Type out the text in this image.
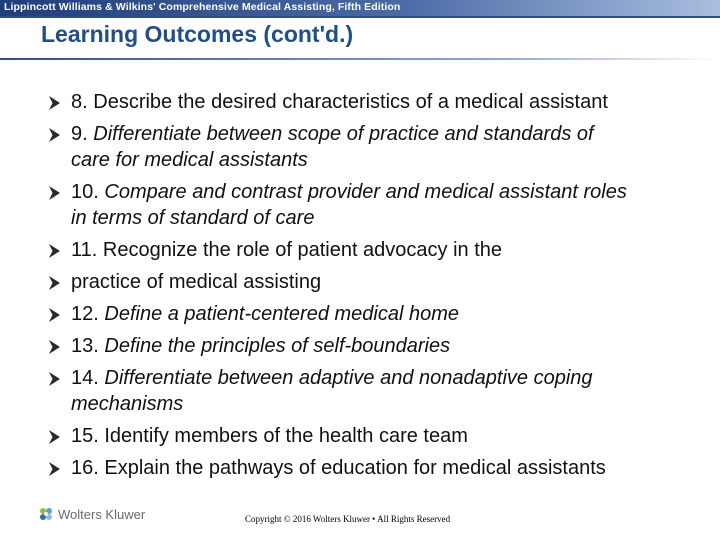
Lippincott Williams & Wilkins' Comprehensive Medical Assisting, Fifth Edition
Learning Outcomes (cont'd.)
8. Describe the desired characteristics of a medical assistant
9. Differentiate between scope of practice and standards of
care for medical assistants
10. Compare and contrast provider and medical assistant roles
in terms of standard of care
11. Recognize the role of patient advocacy in the
practice of medical assisting
12. Define a patient-centered medical home
13. Define the principles of self-boundaries
14. Differentiate between adaptive and nonadaptive coping
mechanisms
15. Identify members of the health care team
16. Explain the pathways of education for medical assistants
Wolters Kluwer	Copyright © 2016 Wolters Kluwer • All Rights Reserved
